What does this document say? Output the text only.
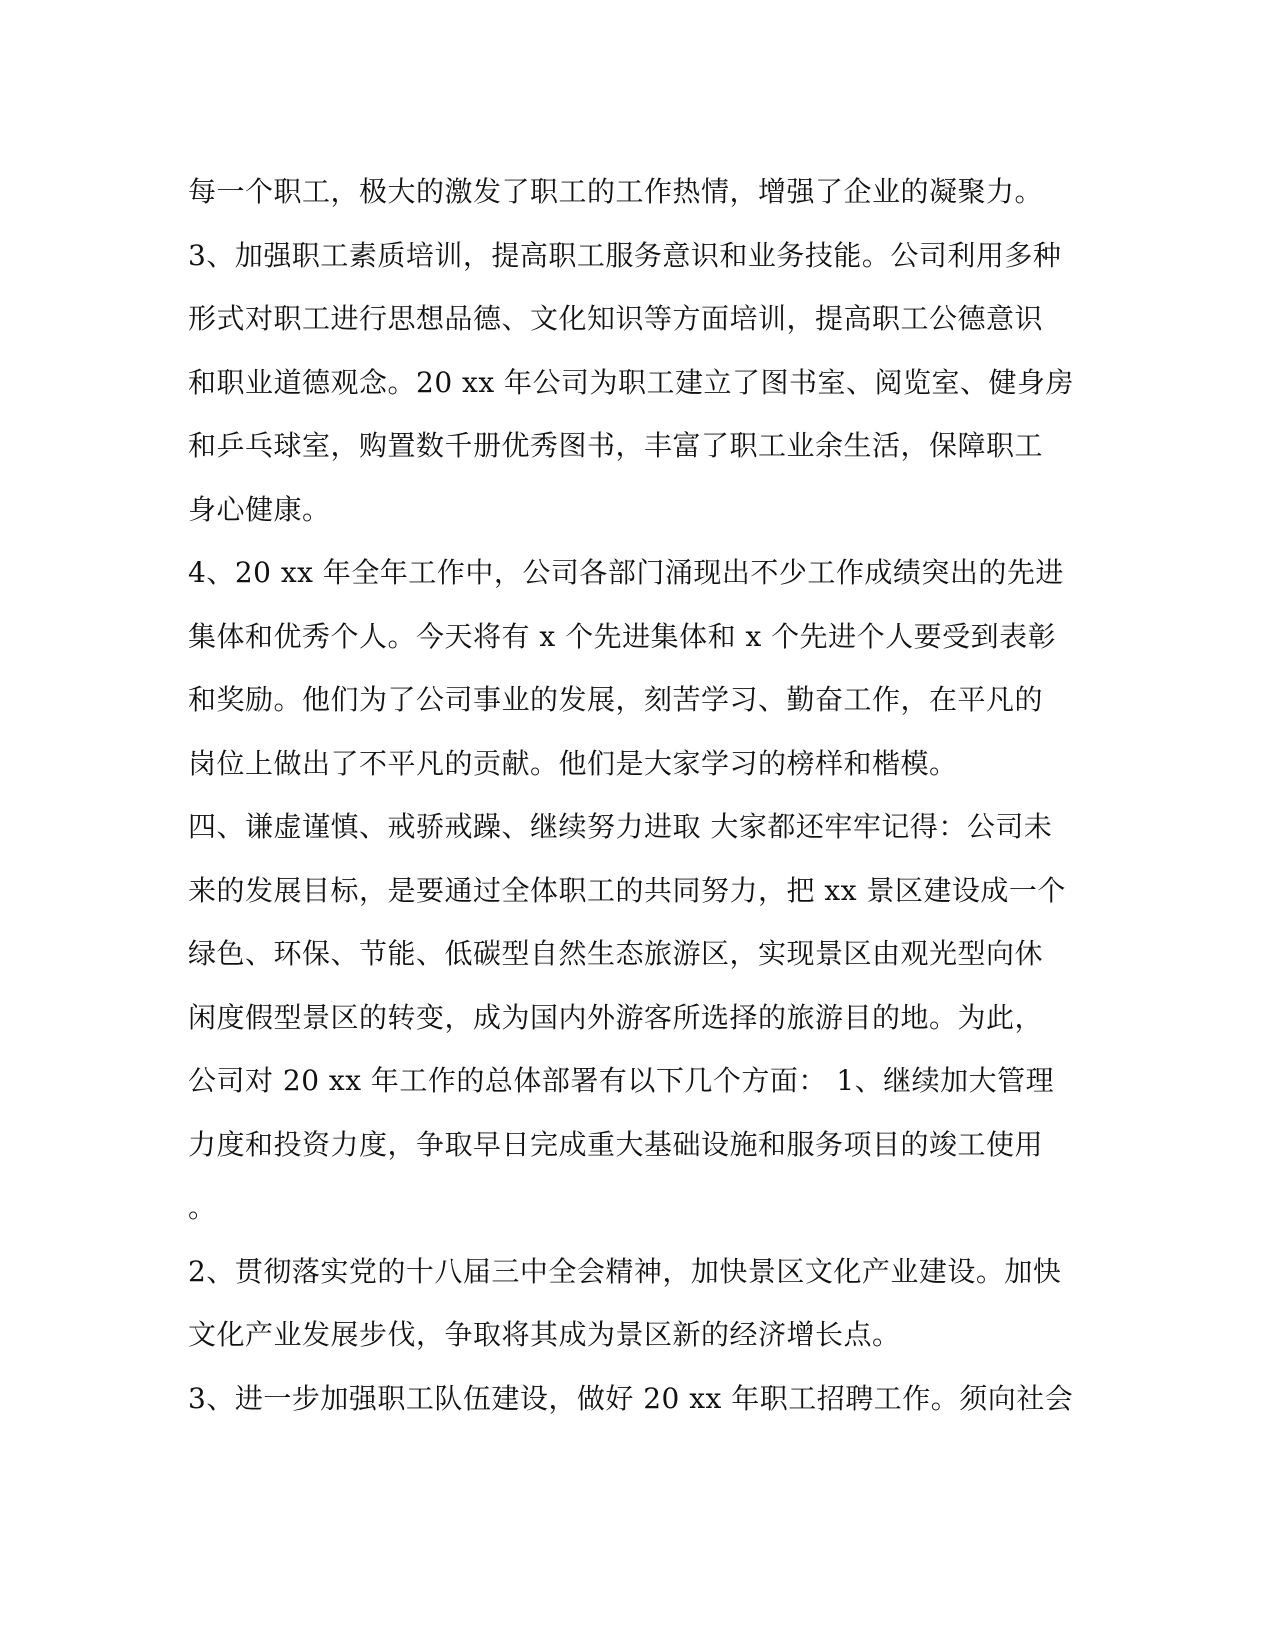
每一个职工，极大的激发了职工的工作热情，增强了企业的凝聚力。
3、加强职工素质培训，提高职工服务意识和业务技能。公司利用多种
形式对职工进行思想品德、文化知识等方面培训，提高职工公德意识
和职业道德观念。20 xx 年公司为职工建立了图书室、阅览室、健身房
和乒乓球室，购置数千册优秀图书，丰富了职工业余生活，保障职工
身心健康。
4、20 xx 年全年工作中，公司各部门涌现出不少工作成绩突出的先进
集体和优秀个人。今天将有 x 个先进集体和 x 个先进个人要受到表彰
和奖励。他们为了公司事业的发展，刻苦学习、勤奋工作，在平凡的
岗位上做出了不平凡的贡献。他们是大家学习的榜样和楷模。
四、谦虚谨慎、戒骄戒躁、继续努力进取 大家都还牢牢记得：公司未
来的发展目标，是要通过全体职工的共同努力，把 xx 景区建设成一个
绿色、环保、节能、低碳型自然生态旅游区，实现景区由观光型向休
闲度假型景区的转变，成为国内外游客所选择的旅游目的地。为此，
公司对 20 xx 年工作的总体部署有以下几个方面： 1、继续加大管理
力度和投资力度，争取早日完成重大基础设施和服务项目的竣工使用
。
2、贯彻落实党的十八届三中全会精神，加快景区文化产业建设。加快
文化产业发展步伐，争取将其成为景区新的经济增长点。
3、进一步加强职工队伍建设，做好 20 xx 年职工招聘工作。须向社会
